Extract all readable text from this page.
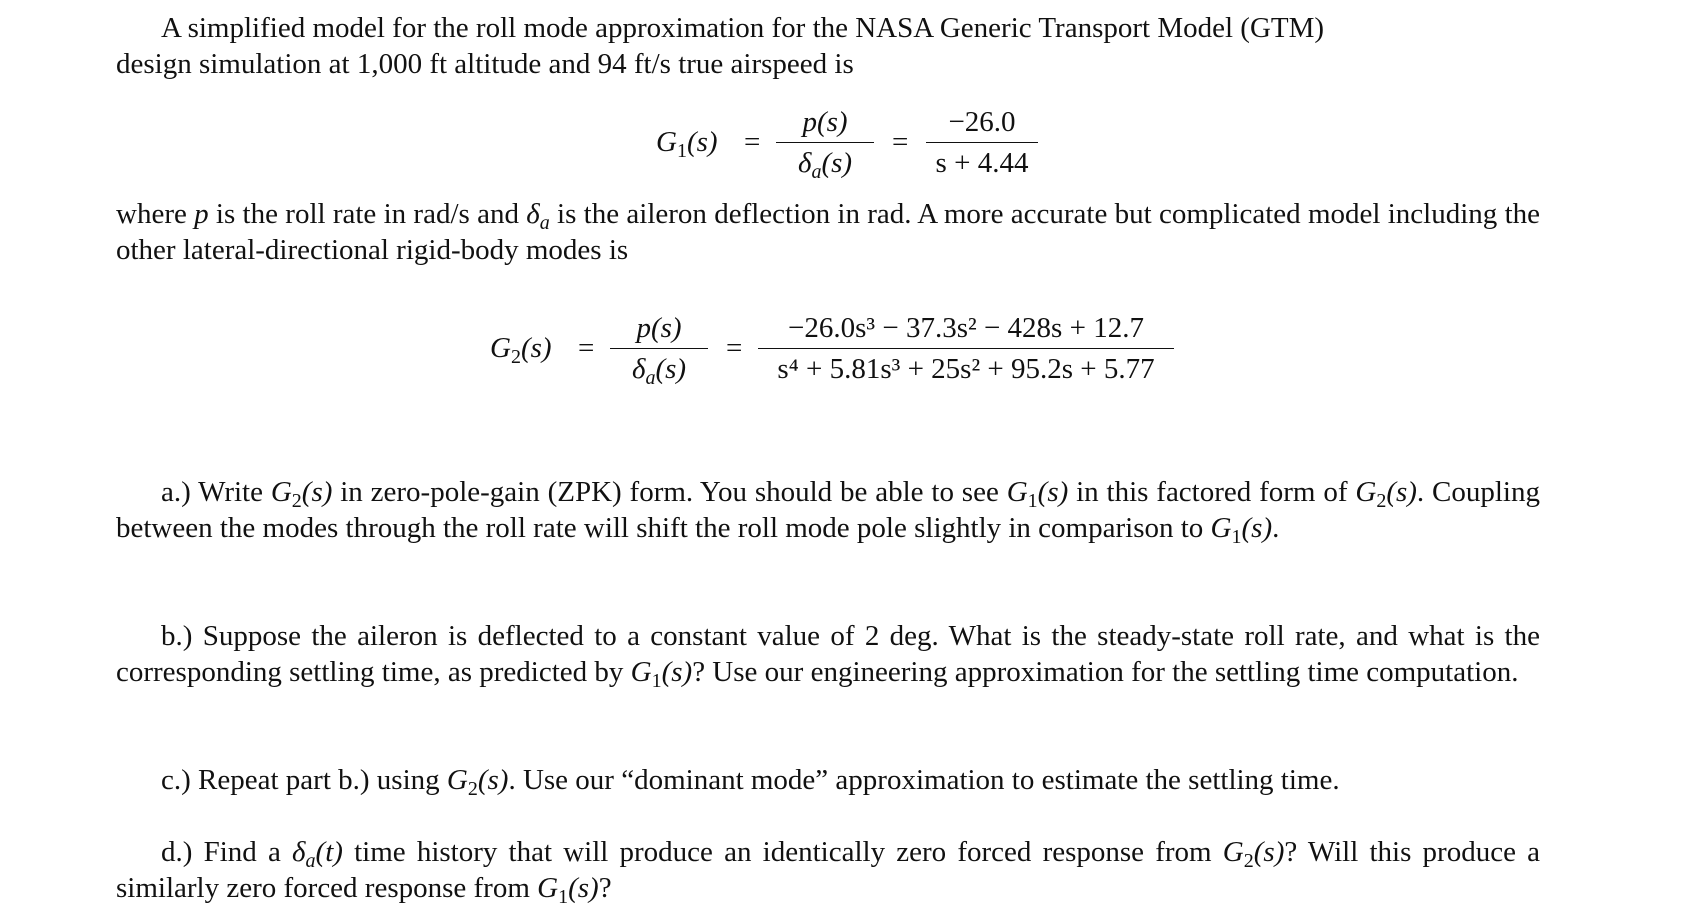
A simplified model for the roll mode approximation for the NASA Generic Transport Model (GTM)
design simulation at 1,000 ft altitude and 94 ft/s true airspeed is

$G_1(s)$ =
p(s)
$\delta_a(s)$
=
−26.0
s + 4.44

where p is the roll rate in rad/s and $\delta_a$ is the aileron deflection in rad. A more accurate but complicated model including the other lateral-directional rigid-body modes is

$G_2(s)$ =
p(s)
$\delta_a(s)$
=
−26.0s³ − 37.3s² − 428s + 12.7
s⁴ + 5.81s³ + 25s² + 95.2s + 5.77

a.) Write $G_2(s)$ in zero-pole-gain (ZPK) form. You should be able to see $G_1(s)$ in this factored form of $G_2(s)$. Coupling between the modes through the roll rate will shift the roll mode pole slightly in comparison to $G_1(s)$.

b.) Suppose the aileron is deflected to a constant value of 2 deg. What is the steady-state roll rate, and what is the corresponding settling time, as predicted by $G_1(s)$? Use our engineering approximation for the settling time computation.

c.) Repeat part b.) using $G_2(s)$. Use our “dominant mode” approximation to estimate the settling time.

d.) Find a $\delta_a(t)$ time history that will produce an identically zero forced response from $G_2(s)$? Will this produce a similarly zero forced response from $G_1(s)$?
